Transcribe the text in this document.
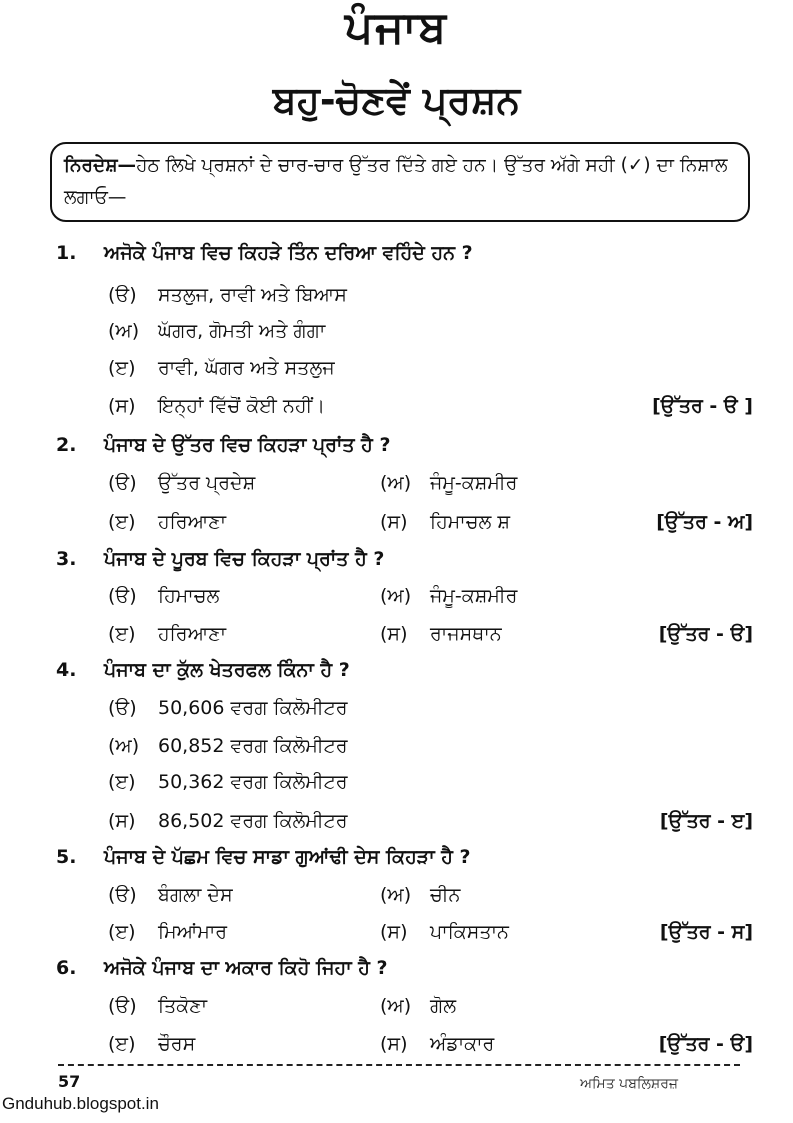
ਪੰਜਾਬ
ਬਹੁ-ਚੋਣਵੇਂ ਪ੍ਰਸ਼ਨ
ਨਿਰਦੇਸ਼—ਹੇਠ ਲਿਖੇ ਪ੍ਰਸ਼ਨਾਂ ਦੇ ਚਾਰ-ਚਾਰ ਉੱਤਰ ਦਿੱਤੇ ਗਏ ਹਨ। ਉੱਤਰ ਅੱਗੇ ਸਹੀ (✓) ਦਾ ਨਿਸ਼ਾਲ ਲਗਾਓ—
1. ਅਜੋਕੇ ਪੰਜਾਬ ਵਿਚ ਕਿਹੜੇ ਤਿੰਨ ਦਰਿਆ ਵਹਿੰਦੇ ਹਨ ?
(ੳ) ਸਤਲੁਜ, ਰਾਵੀ ਅਤੇ ਬਿਆਸ
(ਅ) ਘੱਗਰ, ਗੋਮਤੀ ਅਤੇ ਗੰਗਾ
(ੲ) ਰਾਵੀ, ਘੱਗਰ ਅਤੇ ਸਤਲੁਜ
(ਸ) ਇਨ੍ਹਾਂ ਵਿੱਚੋਂ ਕੋਈ ਨਹੀਂ।	[ਉੱਤਰ - ੳ ]
2. ਪੰਜਾਬ ਦੇ ਉੱਤਰ ਵਿਚ ਕਿਹੜਾ ਪ੍ਰਾਂਤ ਹੈ ?
(ੳ) ਉੱਤਰ ਪ੍ਰਦੇਸ਼	(ਅ) ਜੰਮੂ-ਕਸ਼ਮੀਰ
(ੲ) ਹਰਿਆਣਾ	(ਸ) ਹਿਮਾਚਲ ਸ਼	[ਉੱਤਰ - ਅ]
3. ਪੰਜਾਬ ਦੇ ਪੂਰਬ ਵਿਚ ਕਿਹੜਾ ਪ੍ਰਾਂਤ ਹੈ ?
(ੳ) ਹਿਮਾਚਲ	(ਅ) ਜੰਮੂ-ਕਸ਼ਮੀਰ
(ੲ) ਹਰਿਆਣਾ	(ਸ) ਰਾਜਸਥਾਨ	[ਉੱਤਰ - ੳ]
4. ਪੰਜਾਬ ਦਾ ਕੁੱਲ ਖੇਤਰਫਲ ਕਿੰਨਾ ਹੈ ?
(ੳ) 50,606 ਵਰਗ ਕਿਲੋਮੀਟਰ
(ਅ) 60,852 ਵਰਗ ਕਿਲੋਮੀਟਰ
(ੲ) 50,362 ਵਰਗ ਕਿਲੋਮੀਟਰ
(ਸ) 86,502 ਵਰਗ ਕਿਲੋਮੀਟਰ	[ਉੱਤਰ - ੲ]
5. ਪੰਜਾਬ ਦੇ ਪੱਛਮ ਵਿਚ ਸਾਡਾ ਗੁਆਂਢੀ ਦੇਸ ਕਿਹੜਾ ਹੈ ?
(ੳ) ਬੰਗਲਾ ਦੇਸ	(ਅ) ਚੀਨ
(ੲ) ਮਿਆਂਮਾਰ	(ਸ) ਪਾਕਿਸਤਾਨ	[ਉੱਤਰ - ਸ]
6. ਅਜੋਕੇ ਪੰਜਾਬ ਦਾ ਅਕਾਰ ਕਿਹੋ ਜਿਹਾ ਹੈ ?
(ੳ) ਤਿਕੋਣਾ	(ਅ) ਗੋਲ
(ੲ) ਚੌਰਸ	(ਸ) ਅੰਡਾਕਾਰ	[ਉੱਤਰ - ੳ]
57	ਅਮਿਤ ਪਬਲਿਸ਼ਰਜ਼
Gnduhub.blogspot.in
